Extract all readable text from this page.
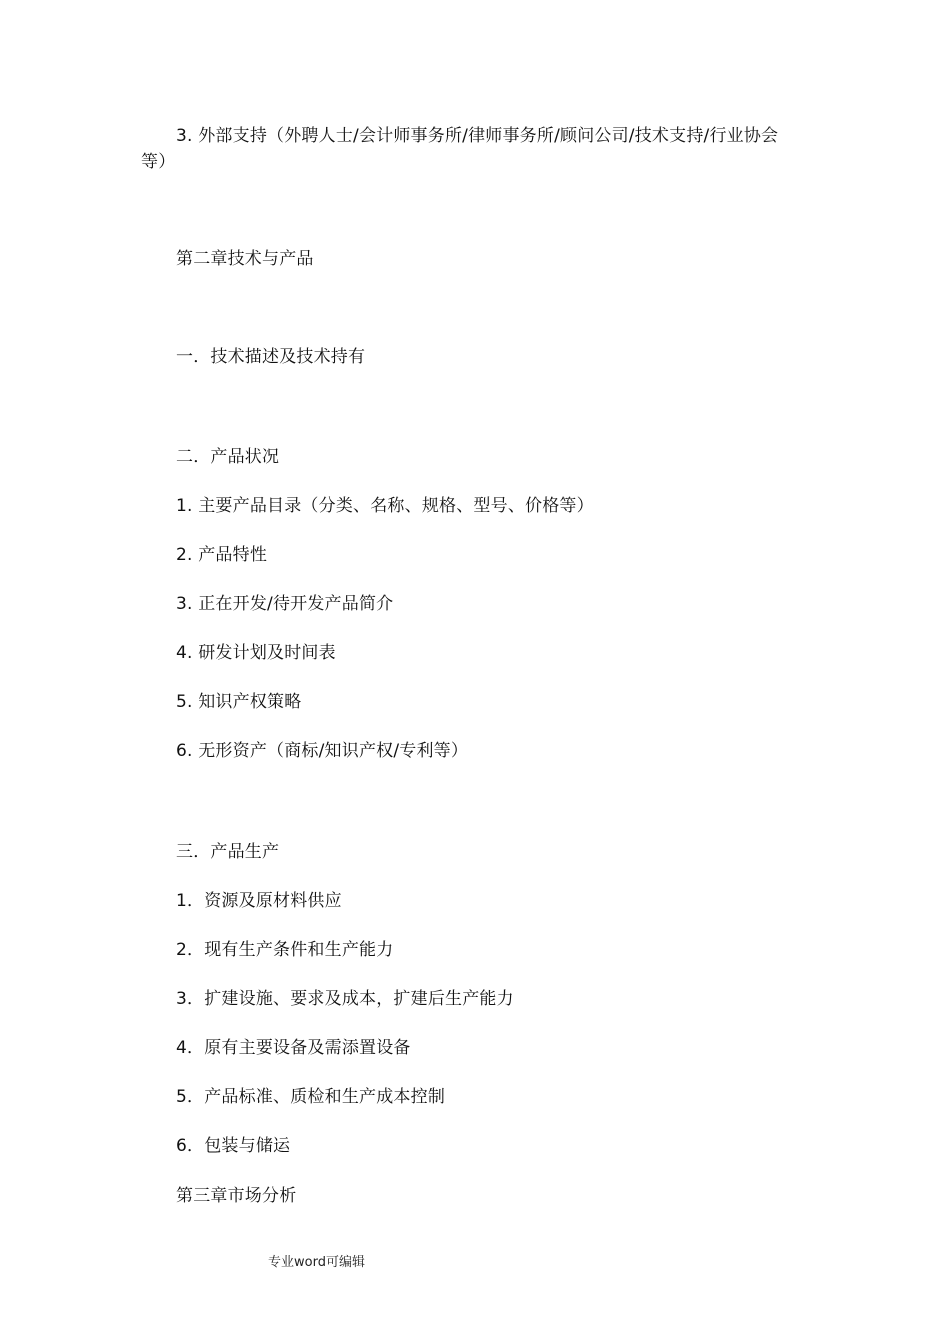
3. 外部支持（外聘人士/会计师事务所/律师事务所/顾问公司/技术支持/行业协会等）
第二章技术与产品
一．技术描述及技术持有
二．产品状况
1. 主要产品目录（分类、名称、规格、型号、价格等）
2. 产品特性
3. 正在开发/待开发产品简介
4. 研发计划及时间表
5. 知识产权策略
6. 无形资产（商标/知识产权/专利等）
三．产品生产
1．资源及原材料供应
2．现有生产条件和生产能力
3．扩建设施、要求及成本，扩建后生产能力
4．原有主要设备及需添置设备
5．产品标准、质检和生产成本控制
6．包装与储运
第三章市场分析
专业word可编辑
